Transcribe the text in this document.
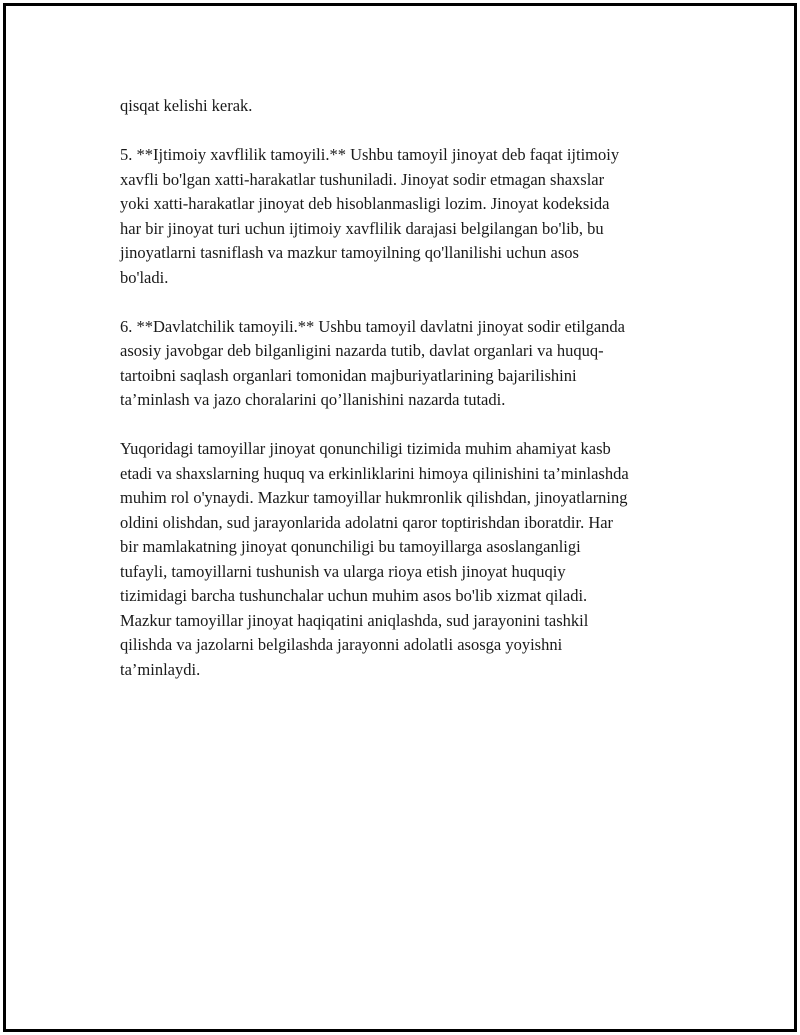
qisqat kelishi kerak.

5. **Ijtimoiy xavflilik tamoyili.** Ushbu tamoyil jinoyat deb faqat ijtimoiy
xavfli bo'lgan xatti-harakatlar tushuniladi. Jinoyat sodir etmagan shaxslar
yoki xatti-harakatlar jinoyat deb hisoblanmasligi lozim. Jinoyat kodeksida
har bir jinoyat turi uchun ijtimoiy xavflilik darajasi belgilangan bo'lib, bu
jinoyatlarni tasniflash va mazkur tamoyilning qo'llanilishi uchun asos
bo'ladi.

6. **Davlatchilik tamoyili.** Ushbu tamoyil davlatni jinoyat sodir etilganda
asosiy javobgar deb bilganligini nazarda tutib, davlat organlari va huquq-
tartoibni saqlash organlari tomonidan majburiyatlarining bajarilishini
ta’minlash va jazo choralarini qo’llanishini nazarda tutadi.

Yuqoridagi tamoyillar jinoyat qonunchiligi tizimida muhim ahamiyat kasb
etadi va shaxslarning huquq va erkinliklarini himoya qilinishini ta’minlashda
muhim rol o'ynaydi. Mazkur tamoyillar hukmronlik qilishdan, jinoyatlarning
oldini olishdan, sud jarayonlarida adolatni qaror toptirishdan iboratdir. Har
bir mamlakatning jinoyat qonunchiligi bu tamoyillarga asoslanganligi
tufayli, tamoyillarni tushunish va ularga rioya etish jinoyat huquqiy
tizimidagi barcha tushunchalar uchun muhim asos bo'lib xizmat qiladi.
Mazkur tamoyillar jinoyat haqiqatini aniqlashda, sud jarayonini tashkil
qilishda va jazolarni belgilashda jarayonni adolatli asosga yoyishni
ta’minlaydi.
